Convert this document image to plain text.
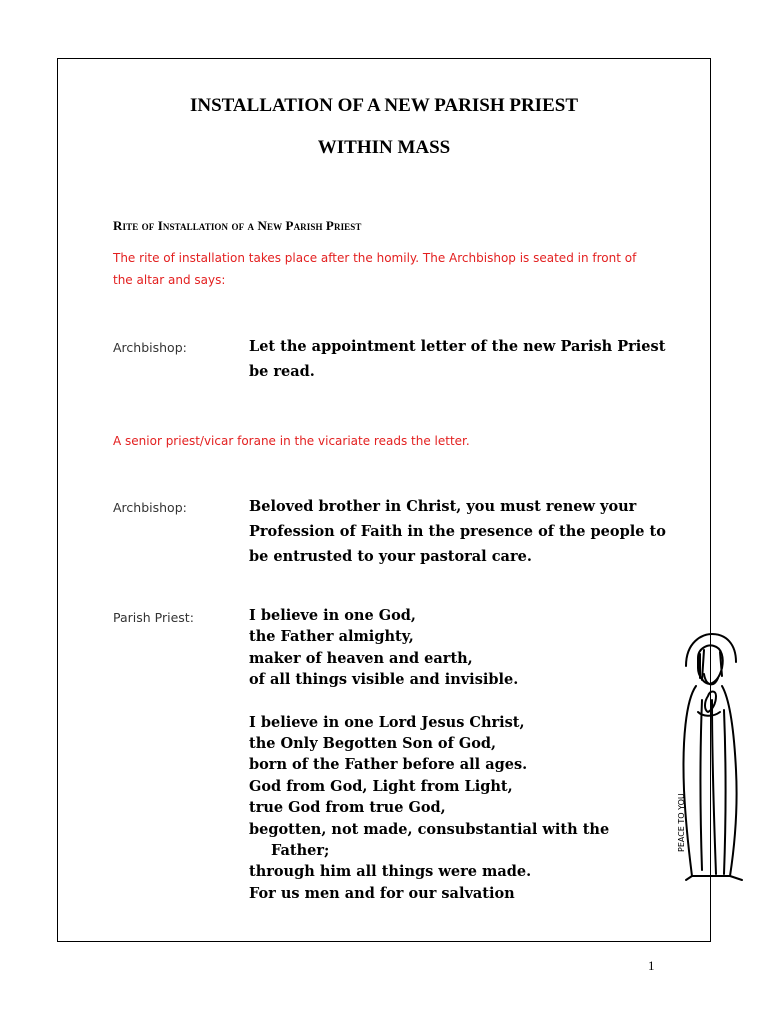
INSTALLATION OF A NEW PARISH PRIEST
WITHIN MASS
Rite of Installation of a New Parish Priest
The rite of installation takes place after the homily. The Archbishop is seated in front of
the altar and says:
Archbishop:	Let the appointment letter of the new Parish Priest
be read.
A senior priest/vicar forane in the vicariate reads the letter.
Archbishop:	Beloved brother in Christ, you must renew your
Profession of Faith in the presence of the people to
be entrusted to your pastoral care.
Parish Priest:	I believe in one God,
the Father almighty,
maker of heaven and earth,
of all things visible and invisible.
I believe in one Lord Jesus Christ,
the Only Begotten Son of God,
born of the Father before all ages.
God from God, Light from Light,
true God from true God,
begotten, not made, consubstantial with the
Father;
through him all things were made.
For us men and for our salvation
PEACE TO YOU
1
